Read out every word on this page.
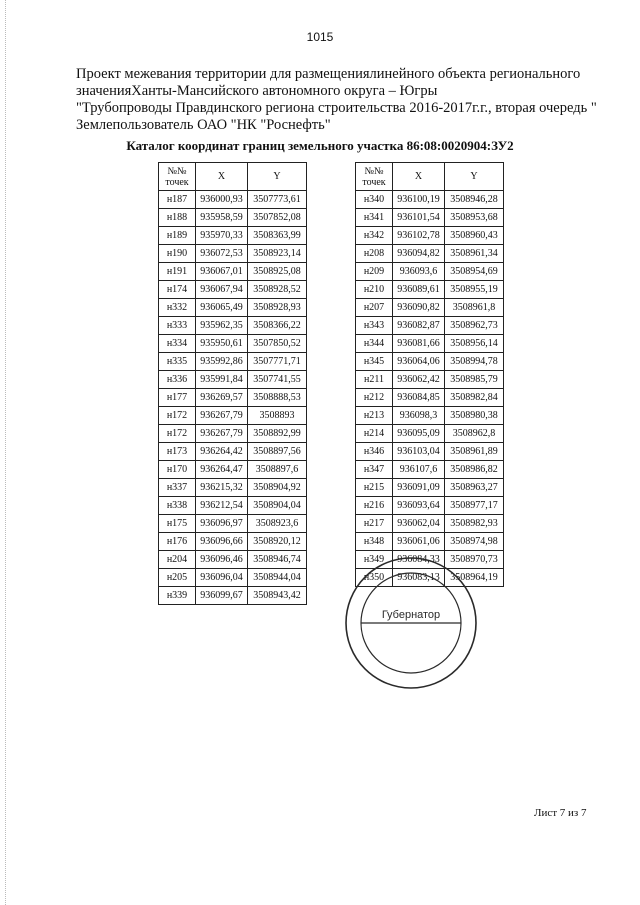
1015
Проект межевания территории для размещениялинейного объекта регионального
значенияХанты-Мансийского автономного округа – Югры
"Трубопроводы Правдинского региона строительства 2016-2017г.г., вторая очередь "
Землепользователь ОАО "НК "Роснефть"
Каталог координат границ земельного участка 86:08:0020904:ЗУ2
№№
точек	X	Y
н187	936000,93	3507773,61
н188	935958,59	3507852,08
н189	935970,33	3508363,99
н190	936072,53	3508923,14
н191	936067,01	3508925,08
н174	936067,94	3508928,52
н332	936065,49	3508928,93
н333	935962,35	3508366,22
н334	935950,61	3507850,52
н335	935992,86	3507771,71
н336	935991,84	3507741,55
н177	936269,57	3508888,53
н172	936267,79	3508893
н172	936267,79	3508892,99
н173	936264,42	3508897,56
н170	936264,47	3508897,6
н337	936215,32	3508904,92
н338	936212,54	3508904,04
н175	936096,97	3508923,6
н176	936096,66	3508920,12
н204	936096,46	3508946,74
н205	936096,04	3508944,04
н339	936099,67	3508943,42
№№
точек	X	Y
н340	936100,19	3508946,28
н341	936101,54	3508953,68
н342	936102,78	3508960,43
н208	936094,82	3508961,34
н209	936093,6	3508954,69
н210	936089,61	3508955,19
н207	936090,82	3508961,8
н343	936082,87	3508962,73
н344	936081,66	3508956,14
н345	936064,06	3508994,78
н211	936062,42	3508985,79
н212	936084,85	3508982,84
н213	936098,3	3508980,38
н214	936095,09	3508962,8
н346	936103,04	3508961,89
н347	936107,6	3508986,82
н215	936091,09	3508963,27
н216	936093,64	3508977,17
н217	936062,04	3508982,93
н348	936061,06	3508974,98
н349	936084,33	3508970,73
н350	936083,13	3508964,19
Губернатор
Лист 7 из 7
